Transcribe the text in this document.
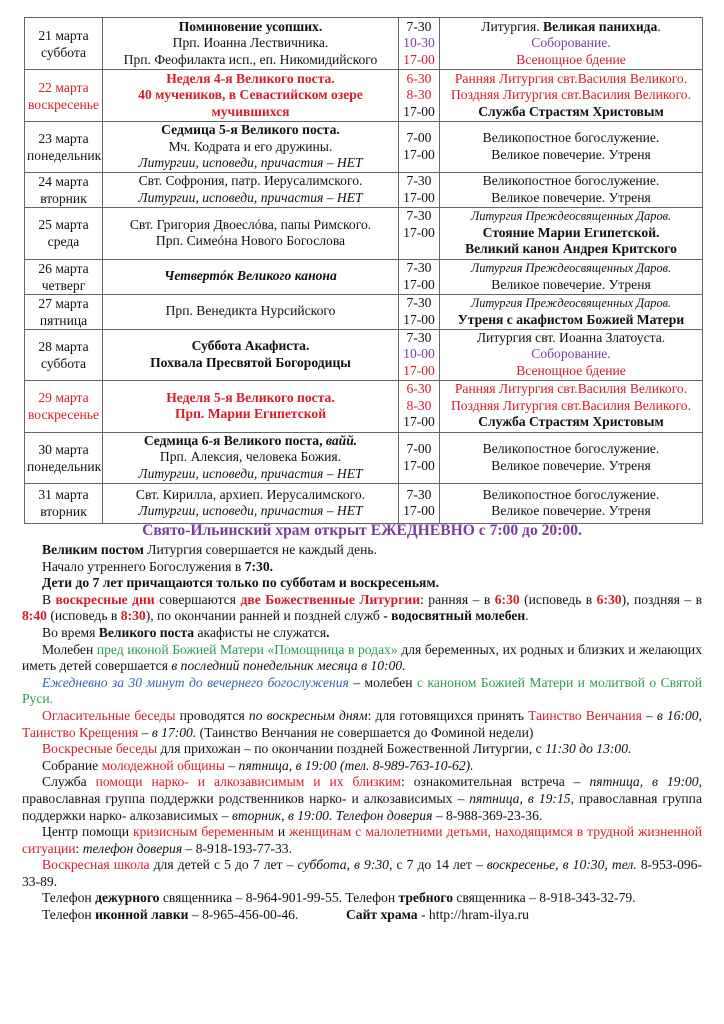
21 марта
суббота	Поминовение усопших.
Прп. Иоанна Лествичника.
Прп. Феофилакта исп., еп. Никомидийского	7-30
10-30
17-00	Литургия. Великая панихида.
Соборование.
Всенощное бдение

22 марта
воскресенье	Неделя 4-я Великого поста.
40 мучеников, в Севастийском озере
мучившихся	6-30
8-30
17-00	Ранняя Литургия свт.Василия Великого.
Поздняя Литургия свт.Василия Великого.
Служба Страстям Христовым

23 марта
понедельник	Седмица 5-я Великого поста.
Мч. Кодрата и его дружины.
Литургии, исповеди, причастия – НЕТ	7-00
17-00	Великопостное богослужение.
Великое повечерие. Утреня

24 марта
вторник	Свт. Софрония, патр. Иерусалимского.
Литургии, исповеди, причастия – НЕТ	7-30
17-00	Великопостное богослужение.
Великое повечерие. Утреня

25 марта
среда	Свт. Григория Двоeслóва, папы Римского.
Прп. Симеóна Нового Богослова	7-30
17-00	Литургия Преждеосвященных Даров.
Стояние Марии Египетской.
Великий канон Андрея Критского

26 марта
четверг	Четвертóк Великого канона	7-30
17-00	Литургия Преждеосвященных Даров.
Великое повечерие. Утреня

27 марта
пятница	Прп. Венедикта Нурсийского	7-30
17-00	Литургия Преждеосвященных Даров.
Утреня с акафистом Божией Матери

28 марта
суббота	Суббота Акафиста.
Похвала Пресвятой Богородицы	7-30
10-00
17-00	Литургия свт. Иоанна Златоуста.
Соборование.
Всенощное бдение

29 марта
воскресенье	Неделя 5-я Великого поста.
Прп. Марии Египетской	6-30
8-30
17-00	Ранняя Литургия свт.Василия Великого.
Поздняя Литургия свт.Василия Великого.
Служба Страстям Христовым

30 марта
понедельник	Седмица 6-я Великого поста, вайй.
Прп. Алексия, человека Божия.
Литургии, исповеди, причастия – НЕТ	7-00
17-00	Великопостное богослужение.
Великое повечерие. Утреня

31 марта
вторник	Свт. Кирилла, архиеп. Иерусалимского.
Литургии, исповеди, причастия – НЕТ	7-30
17-00	Великопостное богослужение.
Великое повечерие. Утреня
Свято-Ильинский храм открыт ЕЖЕДНЕВНО с 7:00 до 20:00.

Великим постом Литургия совершается не каждый день.

Начало утреннего Богослужения в 7:30.

Дети до 7 лет причащаются только по субботам и воскресеньям.

В воскресные дни совершаются две Божественные Литургии: ранняя – в 6:30 (исповедь в 6:30), поздняя – в 8:40 (исповедь в 8:30), по окончании ранней и поздней служб - водосвятный молебен.

Во время Великого поста акафисты не служатся.

Молебен пред иконой Божией Матери «Помощница в родах» для беременных, их родных и близких и желающих иметь детей совершается в последний понедельник месяца в 10:00.

Ежедневно за 30 минут до вечернего богослужения – молебен с каноном Божией Матери и молитвой о Святой Руси.

Огласительные беседы проводятся по воскресным дням: для готовящихся принять Таинство Венчания – в 16:00, Таинство Крещения – в 17:00. (Таинство Венчания не совершается до Фоминой недели)

Воскресные беседы для прихожан – по окончании поздней Божественной Литургии, с 11:30 до 13:00.

Собрание молодежной общины – пятница, в 19:00 (тел. 8-989-763-10-62).

Служба помощи нарко- и алкозависимым и их близким: ознакомительная встреча – пятница, в 19:00, православная группа поддержки родственников нарко- и алкозависимых – пятница, в 19:15, православная группа поддержки нарко- алкозависимых – вторник, в 19:00. Телефон доверия – 8-988-369-23-36.

Центр помощи кризисным беременным и женщинам с малолетними детьми, находящимся в трудной жизненной ситуации: телефон доверия – 8-918-193-77-33.

Воскресная школа для детей с 5 до 7 лет – суббота, в 9:30, с 7 до 14 лет – воскресенье, в 10:30, тел. 8-953-096-33-89.

Телефон дежурного священника – 8-964-901-99-55. Телефон требного священника – 8-918-343-32-79.

Телефон иконной лавки – 8-965-456-00-46.              Сайт храма - http://hram-ilya.ru
